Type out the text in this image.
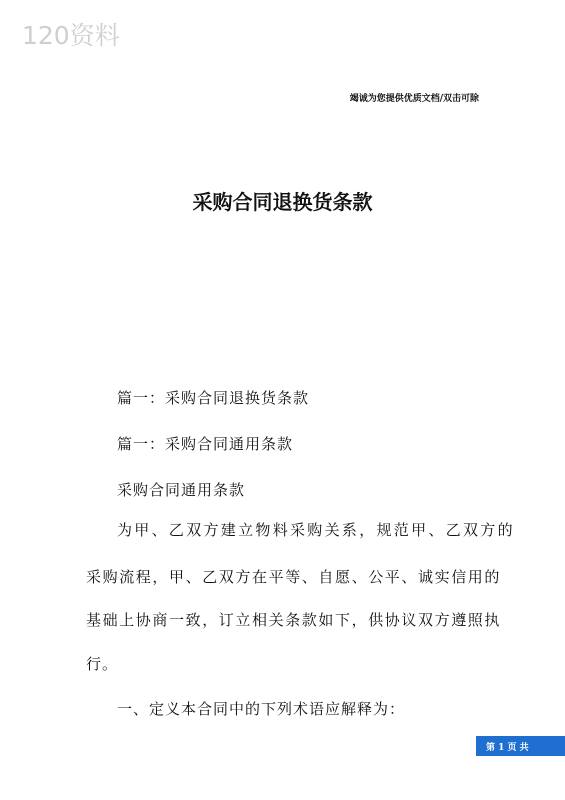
120资料
竭诚为您提供优质文档/双击可除
采购合同退换货条款
篇一：采购合同退换货条款
篇一：采购合同通用条款
采购合同通用条款
为甲、乙双方建立物料采购关系，规范甲、乙双方的
采购流程，甲、乙双方在平等、自愿、公平、诚实信用的
基础上协商一致，订立相关条款如下，供协议双方遵照执
行。
一、定义本合同中的下列术语应解释为：
第 1 页 共
